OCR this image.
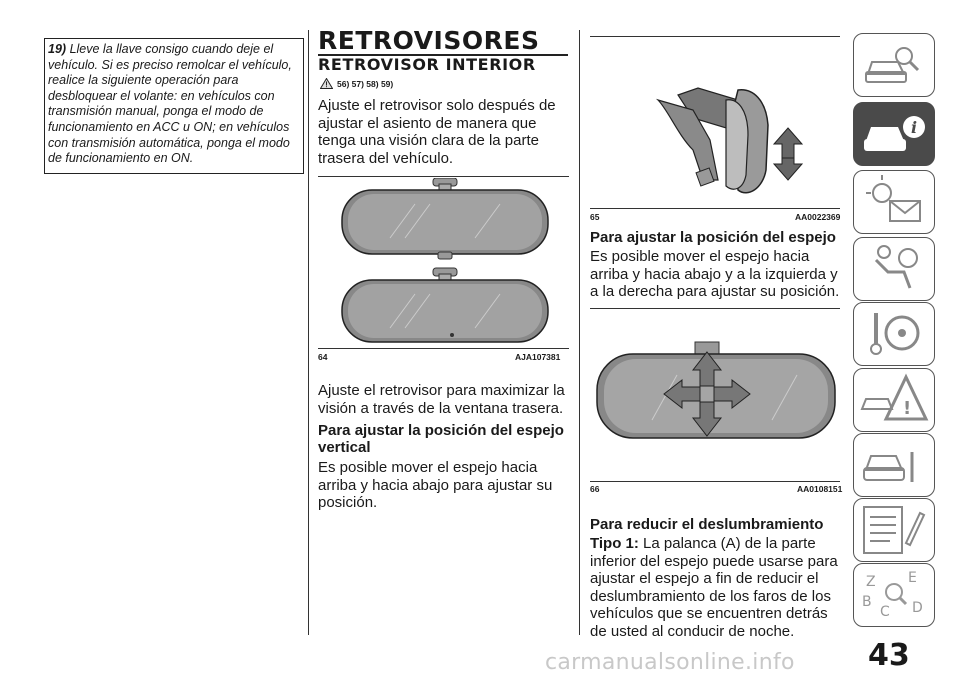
19) Lleve la llave consigo cuando deje el vehículo. Si es preciso remolcar el vehículo, realice la siguiente operación para desbloquear el volante: en vehículos con transmisión manual, ponga el modo de funcionamiento en ACC u ON; en vehículos con transmisión automática, ponga el modo de funcionamiento en ON.
RETROVISORES
RETROVISOR INTERIOR
56) 57) 58) 59)
Ajuste el retrovisor solo después de ajustar el asiento de manera que tenga una visión clara de la parte trasera del vehículo.
64	AJA107381
Ajuste el retrovisor para maximizar la visión a través de la ventana trasera.
Para ajustar la posición del espejo vertical
Es posible mover el espejo hacia arriba y hacia abajo para ajustar su posición.
65	AA0022369
Para ajustar la posición del espejo
Es posible mover el espejo hacia arriba y hacia abajo y a la izquierda y a la derecha para ajustar su posición.
66	AA0108151
Para reducir el deslumbramiento
Tipo 1: La palanca (A) de la parte inferior del espejo puede usarse para ajustar el espejo a fin de reducir el deslumbramiento de los faros de los vehículos que se encuentren detrás de usted al conducir de noche.
i
!
Z E
B	D
C
43
carmanualsonline.info
